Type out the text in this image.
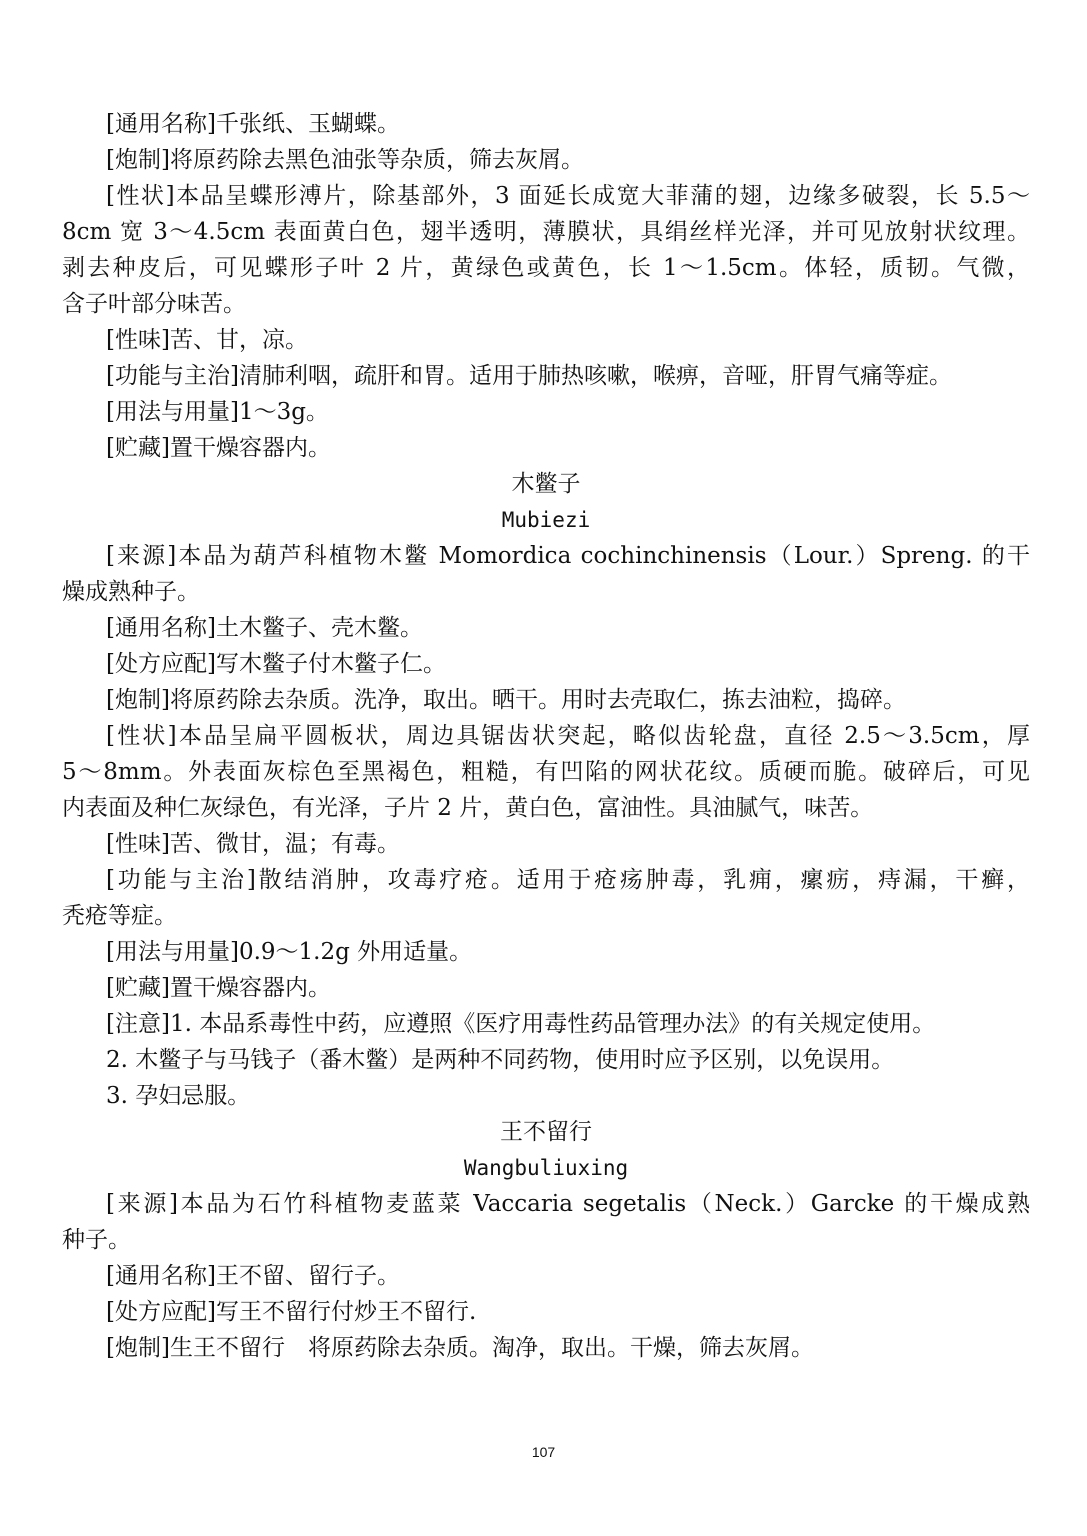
[通用名称]千张纸、玉蝴蝶。

[炮制]将原药除去黑色油张等杂质，筛去灰屑。

[性状]本品呈蝶形溥片，除基部外，3 面延长成宽大菲蒲的翅，边缘多破裂，长 5.5～

8cm 宽 3～4.5cm 表面黄白色，翅半透明，薄膜状，具绢丝样光泽，并可见放射状纹理。

剥去种皮后，可见蝶形子叶 2 片，黄绿色或黄色，长 1～1.5cm。体轻，质韧。气微，

含子叶部分味苦。

[性味]苦、甘，凉。

[功能与主治]清肺利咽，疏肝和胃。适用于肺热咳嗽，喉痹，音哑，肝胃气痛等症。

[用法与用量]1～3g。

[贮藏]置干燥容器内。

木鳖子

Mubiezi

[来源]本品为葫芦科植物木鳖 Momordica cochinchinensis（Lour.）Spreng. 的干

燥成熟种子。

[通用名称]土木鳖子、壳木鳖。

[处方应配]写木鳖子付木鳖子仁。

[炮制]将原药除去杂质。洗净，取出。晒干。用时去壳取仁，拣去油粒，捣碎。

[性状]本品呈扁平圆板状，周边具锯齿状突起，略似齿轮盘，直径 2.5～3.5cm，厚

5～8mm。外表面灰棕色至黑褐色，粗糙，有凹陷的网状花纹。质硬而脆。破碎后，可见

内表面及种仁灰绿色，有光泽，子片 2 片，黄白色，富油性。具油腻气，味苦。

[性味]苦、微甘，温；有毒。

[功能与主治]散结消肿，攻毒疗疮。适用于疮疡肿毒，乳痈，瘰疬，痔漏，干癣，

秃疮等症。

[用法与用量]0.9～1.2g 外用适量。

[贮藏]置干燥容器内。

[注意]1. 本品系毒性中药，应遵照《医疗用毒性药品管理办法》的有关规定使用。

2. 木鳖子与马钱子（番木鳖）是两种不同药物，使用时应予区别，以免误用。

3. 孕妇忌服。

王不留行

Wangbuliuxing

[来源]本品为石竹科植物麦蓝菜 Vaccaria segetalis（Neck.）Garcke 的干燥成熟

种子。

[通用名称]王不留、留行子。

[处方应配]写王不留行付炒王不留行.

[炮制]生王不留行　将原药除去杂质。淘净，取出。干燥，筛去灰屑。

107
